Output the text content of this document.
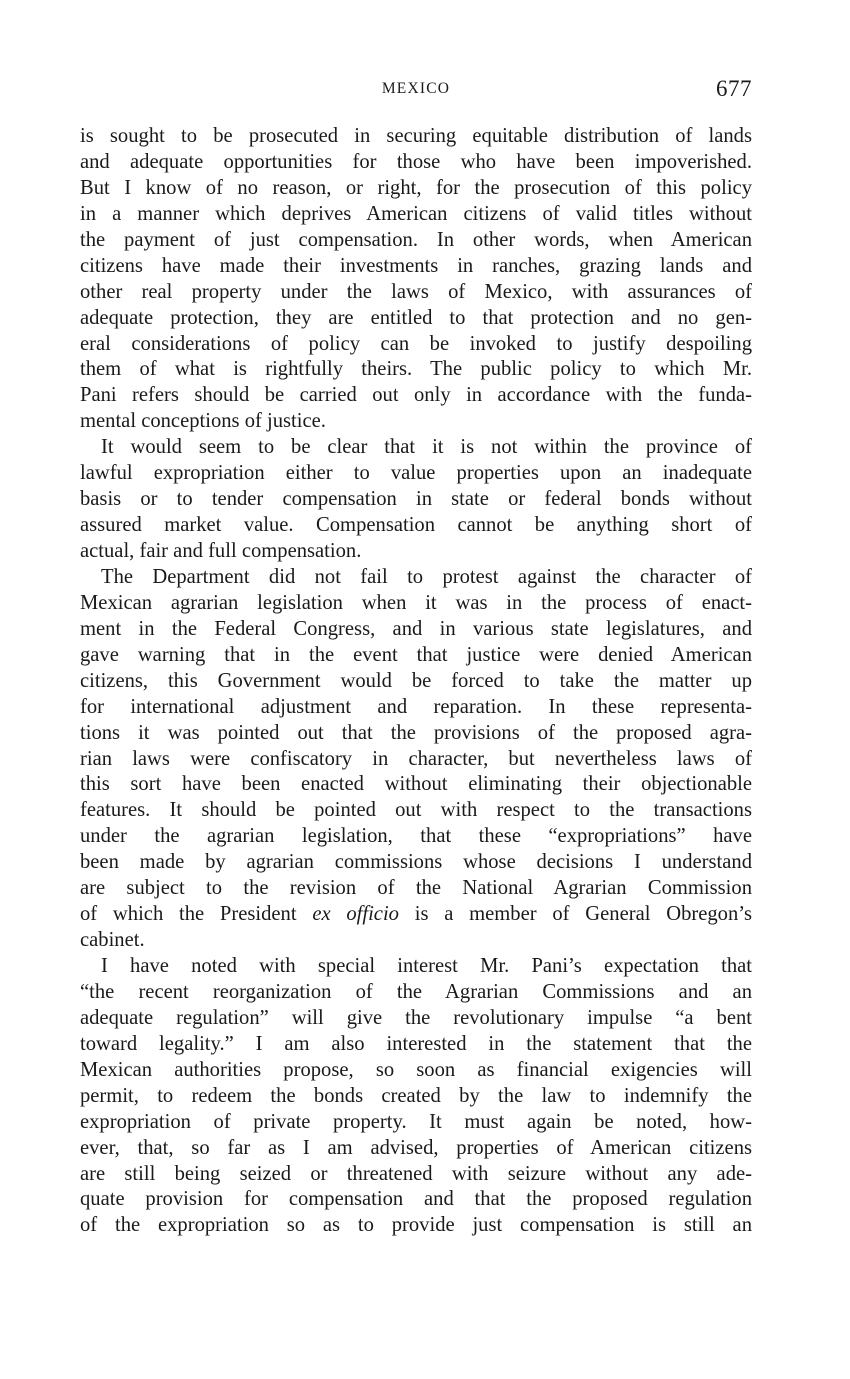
MEXICO	677
is sought to be prosecuted in securing equitable distribution of lands
and adequate opportunities for those who have been impoverished.
But I know of no reason, or right, for the prosecution of this policy
in a manner which deprives American citizens of valid titles without
the payment of just compensation. In other words, when American
citizens have made their investments in ranches, grazing lands and
other real property under the laws of Mexico, with assurances of
adequate protection, they are entitled to that protection and no gen-
eral considerations of policy can be invoked to justify despoiling
them of what is rightfully theirs. The public policy to which Mr.
Pani refers should be carried out only in accordance with the funda-
mental conceptions of justice.
It would seem to be clear that it is not within the province of
lawful expropriation either to value properties upon an inadequate
basis or to tender compensation in state or federal bonds without
assured market value. Compensation cannot be anything short of
actual, fair and full compensation.
The Department did not fail to protest against the character of
Mexican agrarian legislation when it was in the process of enact-
ment in the Federal Congress, and in various state legislatures, and
gave warning that in the event that justice were denied American
citizens, this Government would be forced to take the matter up
for international adjustment and reparation. In these representa-
tions it was pointed out that the provisions of the proposed agra-
rian laws were confiscatory in character, but nevertheless laws of
this sort have been enacted without eliminating their objectionable
features. It should be pointed out with respect to the transactions
under the agrarian legislation, that these “expropriations” have
been made by agrarian commissions whose decisions I understand
are subject to the revision of the National Agrarian Commission
of which the President ex officio is a member of General Obregon’s
cabinet.
I have noted with special interest Mr. Pani’s expectation that
“the recent reorganization of the Agrarian Commissions and an
adequate regulation” will give the revolutionary impulse “a bent
toward legality.” I am also interested in the statement that the
Mexican authorities propose, so soon as financial exigencies will
permit, to redeem the bonds created by the law to indemnify the
expropriation of private property. It must again be noted, how-
ever, that, so far as I am advised, properties of American citizens
are still being seized or threatened with seizure without any ade-
quate provision for compensation and that the proposed regulation
of the expropriation so as to provide just compensation is still an
